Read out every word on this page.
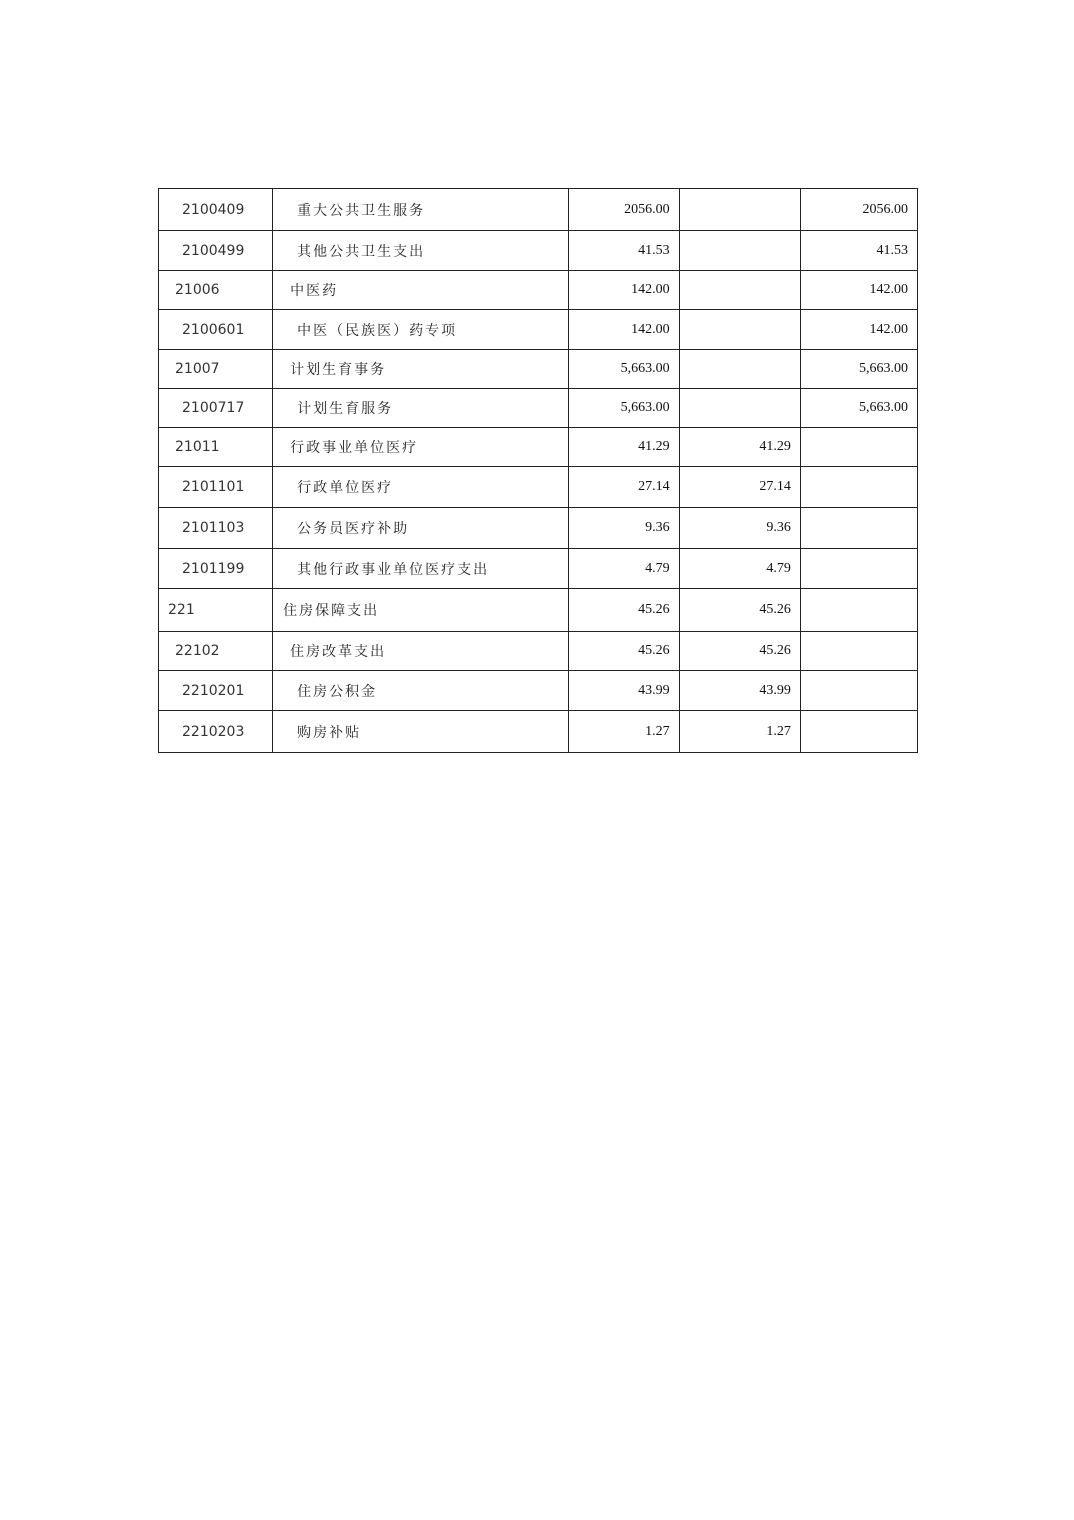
2100409	重大公共卫生服务	2056.00		2056.00
2100499	其他公共卫生支出	41.53		41.53
21006	中医药	142.00		142.00
2100601	中医（民族医）药专项	142.00		142.00
21007	计划生育事务	5,663.00		5,663.00
2100717	计划生育服务	5,663.00		5,663.00
21011	行政事业单位医疗	41.29	41.29	
2101101	行政单位医疗	27.14	27.14	
2101103	公务员医疗补助	9.36	9.36	
2101199	其他行政事业单位医疗支出	4.79	4.79	
221	住房保障支出	45.26	45.26	
22102	住房改革支出	45.26	45.26	
2210201	住房公积金	43.99	43.99	
2210203	购房补贴	1.27	1.27	
